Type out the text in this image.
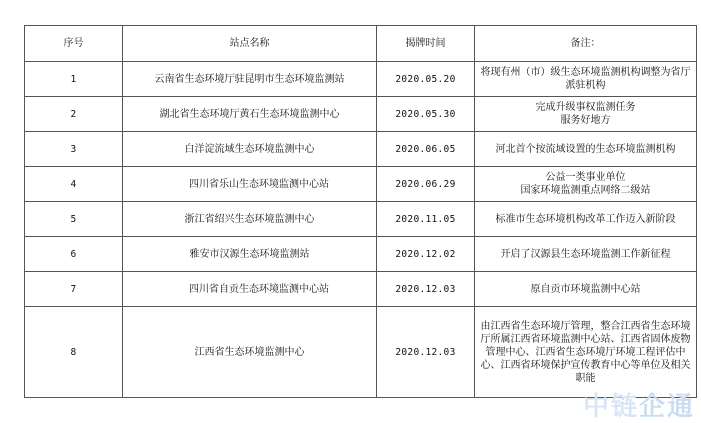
序号	站点名称	揭牌时间	备注：
1	云南省生态环境厅驻昆明市生态环境监测站	2020.05.20	将现有州（市）级生态环境监测机构调整为省厅派驻机构
2	湖北省生态环境厅黄石生态环境监测中心	2020.05.30	完成升级事权监测任务
服务好地方
3	白洋淀流域生态环境监测中心	2020.06.05	河北首个按流域设置的生态环境监测机构
4	四川省乐山生态环境监测中心站	2020.06.29	公益一类事业单位
国家环境监测重点网络二级站
5	浙江省绍兴生态环境监测中心	2020.11.05	标准市生态环境机构改革工作迈入新阶段
6	雅安市汉源生态环境监测站	2020.12.02	开启了汉源县生态环境监测工作新征程
7	四川省自贡生态环境监测中心站	2020.12.03	原自贡市环境监测中心站
8	江西省生态环境监测中心	2020.12.03	由江西省生态环境厅管理，整合江西省生态环境厅所属江西省环境监测中心站、江西省固体废物管理中心、江西省生态环境厅环境工程评估中心、江西省环境保护宣传教育中心等单位及相关职能
中链企通
